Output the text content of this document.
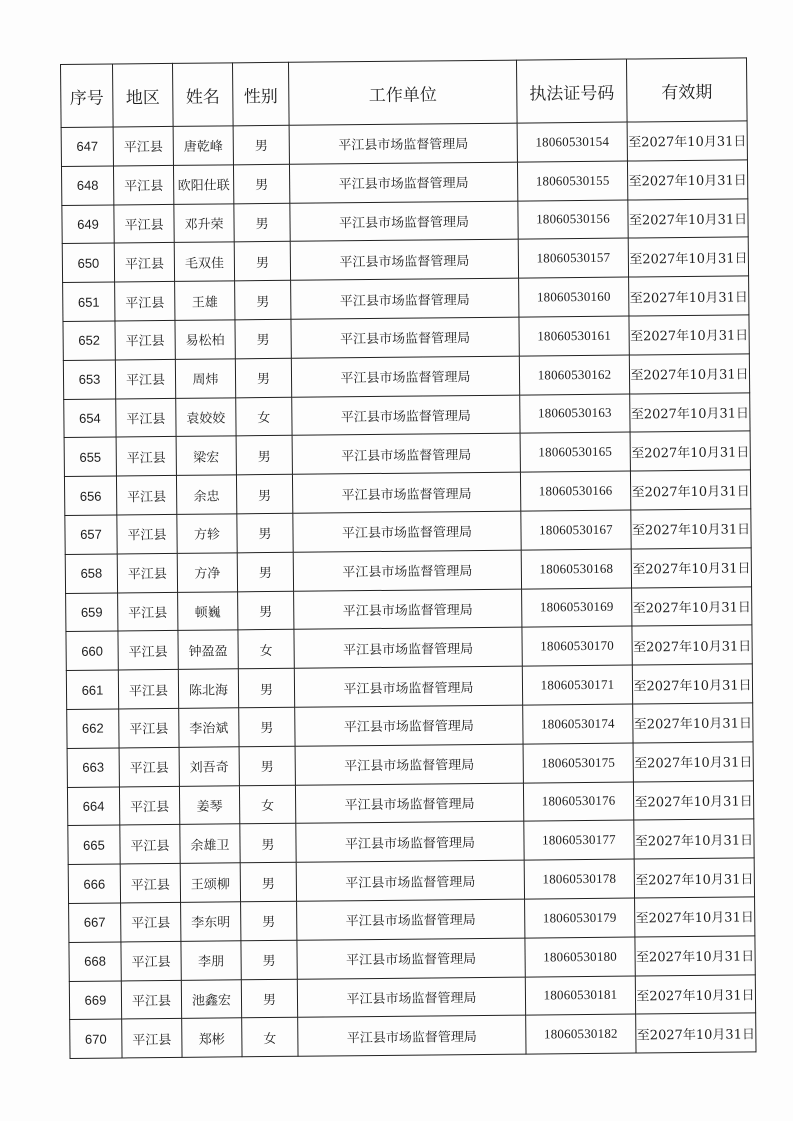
序号	地区	姓名	性别	工作单位	执法证号码	有效期
647	平江县	唐乾峰	男	平江县市场监督管理局	18060530154	至2027年10月31日
648	平江县	欧阳仕联	男	平江县市场监督管理局	18060530155	至2027年10月31日
649	平江县	邓升荣	男	平江县市场监督管理局	18060530156	至2027年10月31日
650	平江县	毛双佳	男	平江县市场监督管理局	18060530157	至2027年10月31日
651	平江县	王雄	男	平江县市场监督管理局	18060530160	至2027年10月31日
652	平江县	易松柏	男	平江县市场监督管理局	18060530161	至2027年10月31日
653	平江县	周炜	男	平江县市场监督管理局	18060530162	至2027年10月31日
654	平江县	袁姣姣	女	平江县市场监督管理局	18060530163	至2027年10月31日
655	平江县	梁宏	男	平江县市场监督管理局	18060530165	至2027年10月31日
656	平江县	余忠	男	平江县市场监督管理局	18060530166	至2027年10月31日
657	平江县	方轸	男	平江县市场监督管理局	18060530167	至2027年10月31日
658	平江县	方净	男	平江县市场监督管理局	18060530168	至2027年10月31日
659	平江县	顿巍	男	平江县市场监督管理局	18060530169	至2027年10月31日
660	平江县	钟盈盈	女	平江县市场监督管理局	18060530170	至2027年10月31日
661	平江县	陈北海	男	平江县市场监督管理局	18060530171	至2027年10月31日
662	平江县	李治斌	男	平江县市场监督管理局	18060530174	至2027年10月31日
663	平江县	刘吾奇	男	平江县市场监督管理局	18060530175	至2027年10月31日
664	平江县	姜琴	女	平江县市场监督管理局	18060530176	至2027年10月31日
665	平江县	余雄卫	男	平江县市场监督管理局	18060530177	至2027年10月31日
666	平江县	王颂柳	男	平江县市场监督管理局	18060530178	至2027年10月31日
667	平江县	李东明	男	平江县市场监督管理局	18060530179	至2027年10月31日
668	平江县	李朋	男	平江县市场监督管理局	18060530180	至2027年10月31日
669	平江县	池鑫宏	男	平江县市场监督管理局	18060530181	至2027年10月31日
670	平江县	郑彬	女	平江县市场监督管理局	18060530182	至2027年10月31日
